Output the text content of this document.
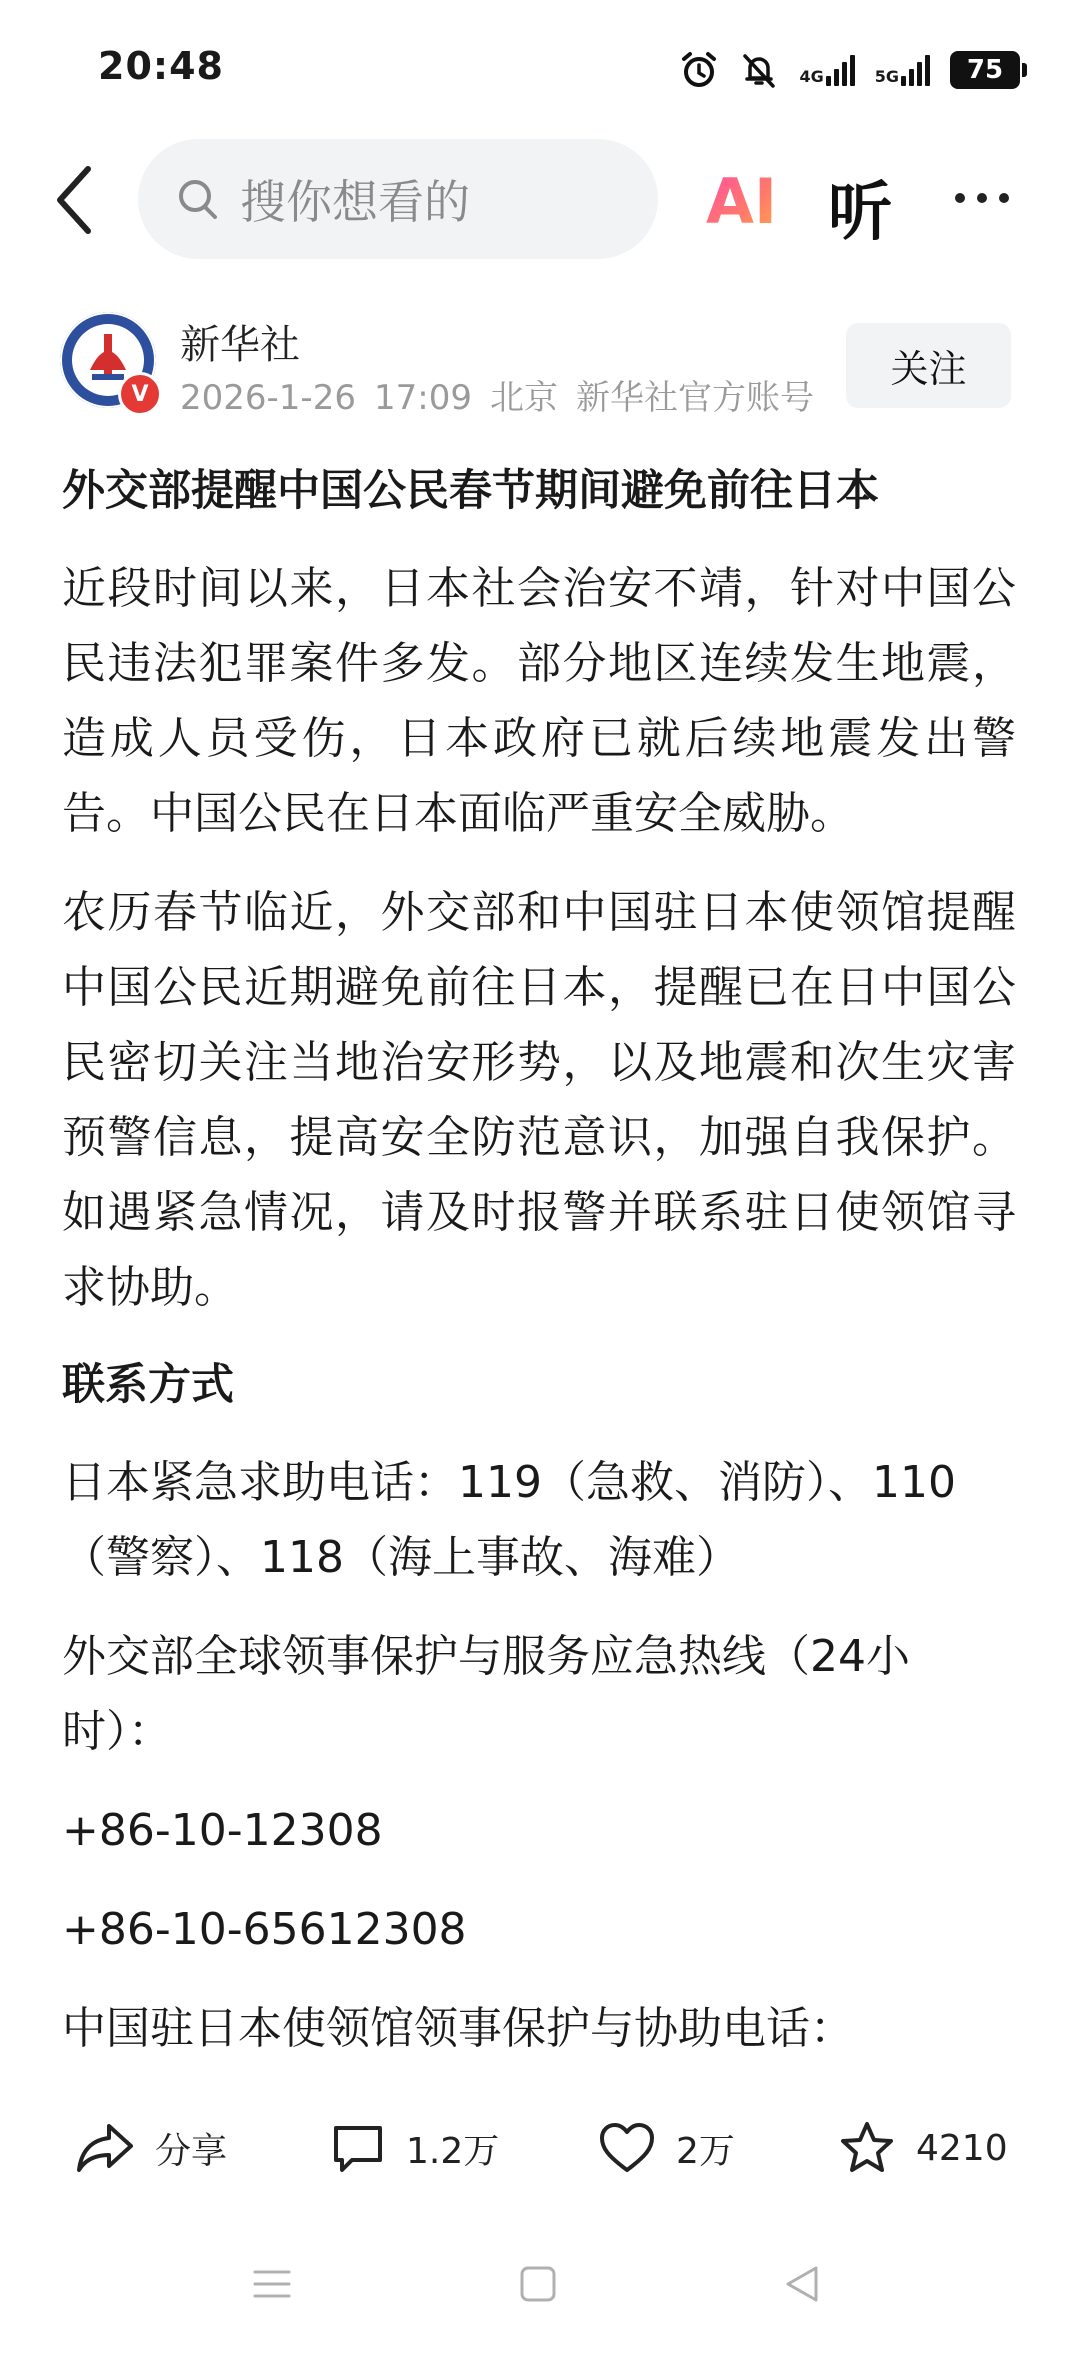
20:48	4G	5G	75
搜你想看的	AI 听
V
新华社
2026-1-26 17:09 北京 新华社官方账号
关注
外交部提醒中国公民春节期间避免前往日本
近段时间以来，日本社会治安不靖，针对中国公民违法犯罪案件多发。部分地区连续发生地震，造成人员受伤，日本政府已就后续地震发出警告。中国公民在日本面临严重安全威胁。
农历春节临近，外交部和中国驻日本使领馆提醒中国公民近期避免前往日本，提醒已在日中国公民密切关注当地治安形势，以及地震和次生灾害预警信息，提高安全防范意识，加强自我保护。如遇紧急情况，请及时报警并联系驻日使领馆寻求协助。
联系方式
日本紧急求助电话：119（急救、消防）、110（警察）、118（海上事故、海难）
外交部全球领事保护与服务应急热线（24小时）：
+86-10-12308
+86-10-65612308
中国驻日本使领馆领事保护与协助电话：
分享	1.2万	2万	4210
